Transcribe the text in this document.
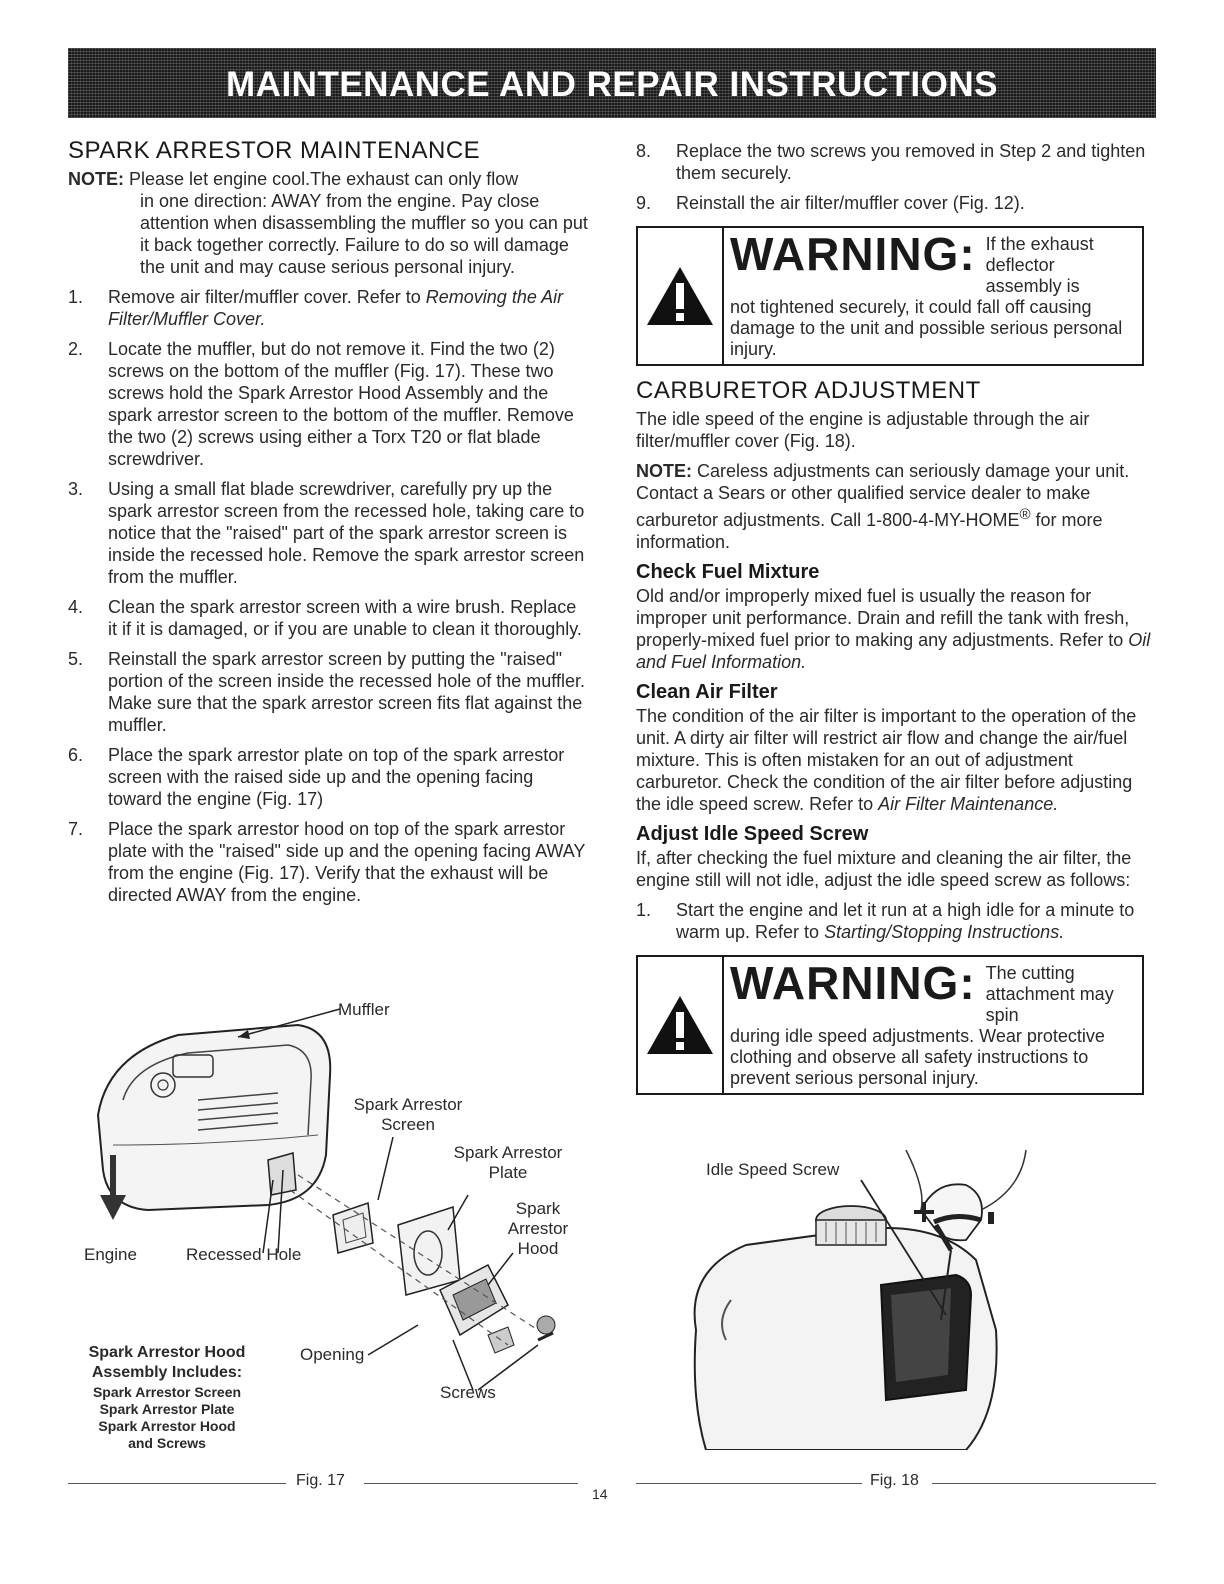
MAINTENANCE AND REPAIR INSTRUCTIONS
SPARK ARRESTOR MAINTENANCE
NOTE: Please let engine cool.The exhaust can only flow
in one direction: AWAY from the engine. Pay close attention when disassembling the muffler so you can put it back together correctly. Failure to do so will damage the unit and may cause serious personal injury.
1.	Remove air filter/muffler cover. Refer to Removing the Air Filter/Muffler Cover.
2.	Locate the muffler, but do not remove it. Find the two (2) screws on the bottom of the muffler (Fig. 17). These two screws hold the Spark Arrestor Hood Assembly and the spark arrestor screen to the bottom of the muffler. Remove the two (2) screws using either a Torx T20 or flat blade screwdriver.
3.	Using a small flat blade screwdriver, carefully pry up the spark arrestor screen from the recessed hole, taking care to notice that the "raised" part of the spark arrestor screen is inside the recessed hole. Remove the spark arrestor screen from the muffler.
4.	Clean the spark arrestor screen with a wire brush. Replace it if it is damaged, or if you are unable to clean it thoroughly.
5.	Reinstall the spark arrestor screen by putting the "raised" portion of the screen inside the recessed hole of the muffler. Make sure that the spark arrestor screen fits flat against the muffler.
6.	Place the spark arrestor plate on top of the spark arrestor screen with the raised side up and the opening facing toward the engine (Fig. 17)
7.	Place the spark arrestor hood on top of the spark arrestor plate with the "raised" side up and the opening facing AWAY from the engine (Fig. 17). Verify that the exhaust will be directed AWAY from the engine.
Muffler
Spark Arrestor Screen
Spark Arrestor Plate
Spark Arrestor Hood
Engine	Recessed Hole
Opening
Screws
Spark Arrestor Hood Assembly Includes:
Spark Arrestor Screen
Spark Arrestor Plate
Spark Arrestor Hood
and Screws
8.	Replace the two screws you removed in Step 2 and tighten them securely.
9.	Reinstall the air filter/muffler cover (Fig. 12).
WARNING: If the exhaust deflector assembly is
not tightened securely, it could fall off causing damage to the unit and possible serious personal injury.
CARBURETOR ADJUSTMENT

The idle speed of the engine is adjustable through the air filter/muffler cover (Fig. 18).

NOTE: Careless adjustments can seriously damage your unit. Contact a Sears or other qualified service dealer to make carburetor adjustments. Call 1-800-4-MY-HOME® for more information.

Check Fuel Mixture

Old and/or improperly mixed fuel is usually the reason for improper unit performance. Drain and refill the tank with fresh, properly-mixed fuel prior to making any adjustments. Refer to Oil and Fuel Information.

Clean Air Filter

The condition of the air filter is important to the operation of the unit. A dirty air filter will restrict air flow and change the air/fuel mixture. This is often mistaken for an out of adjustment carburetor. Check the condition of the air filter before adjusting the idle speed screw. Refer to Air Filter Maintenance.

Adjust Idle Speed Screw

If, after checking the fuel mixture and cleaning the air filter, the engine still will not idle, adjust the idle speed screw as follows:

1.	Start the engine and let it run at a high idle for a minute to warm up. Refer to Starting/Stopping Instructions.
WARNING: The cutting attachment may spin
during idle speed adjustments. Wear protective clothing and observe all safety instructions to prevent serious personal injury.
Idle Speed Screw
Fig. 17
14
Fig. 18
